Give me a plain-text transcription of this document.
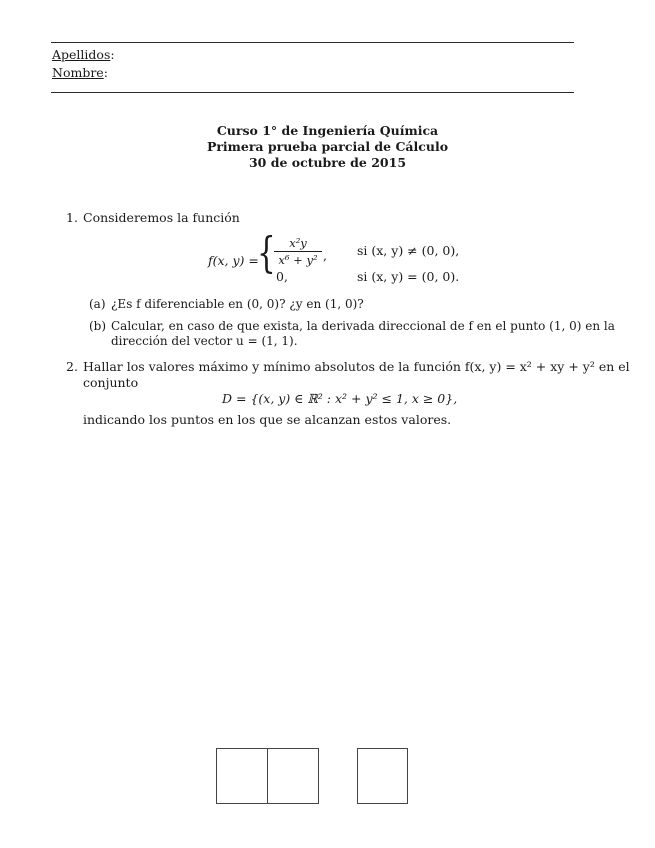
Apellidos:
Nombre:
Curso 1° de Ingeniería Química
Primera prueba parcial de Cálculo
30 de octubre de 2015
1. Consideremos la función
f(x, y) =
{	x²y
x⁶ + y² , si (x, y) ≠ (0, 0),
0,	si (x, y) = (0, 0).
(a) ¿Es f diferenciable en (0, 0)? ¿y en (1, 0)?
(b) Calcular, en caso de que exista, la derivada direccional de f en el punto (1, 0) en la
dirección del vector u = (1, 1).
2. Hallar los valores máximo y mínimo absolutos de la función f(x, y) = x² + xy + y² en el
conjunto
D = {(x, y) ∈ ℝ² : x² + y² ≤ 1, x ≥ 0},
indicando los puntos en los que se alcanzan estos valores.
